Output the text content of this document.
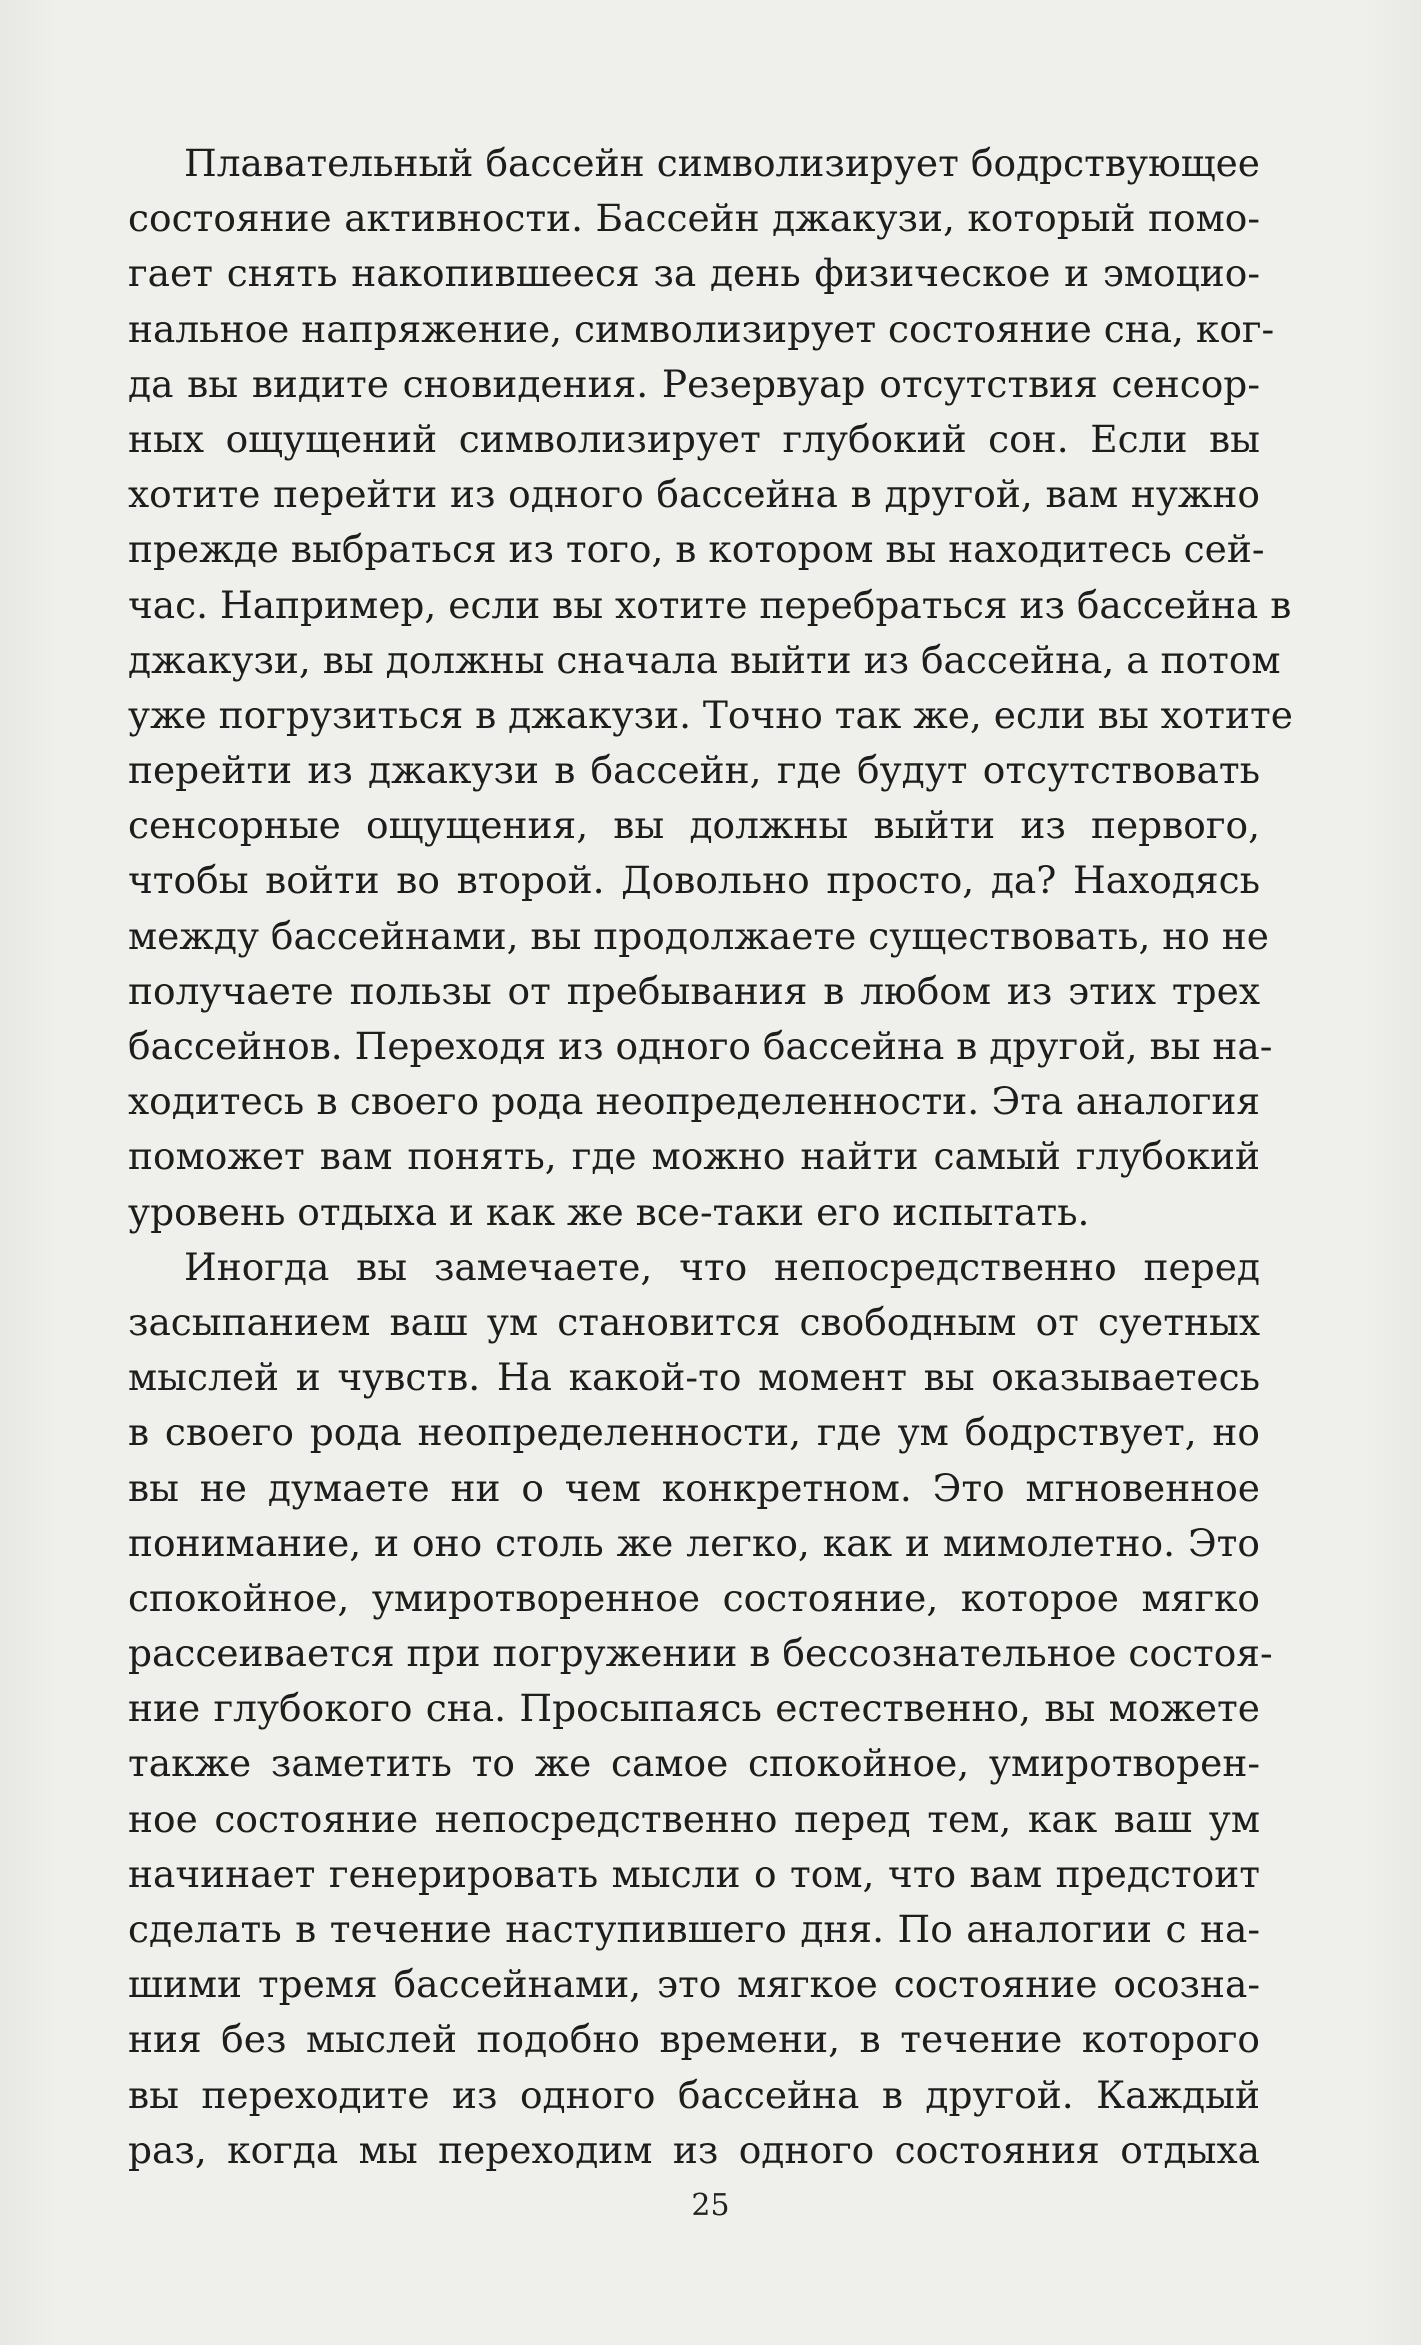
Плавательный бассейн символизирует бодрствующее
состояние активности. Бассейн джакузи, который помо-
гает снять накопившееся за день физическое и эмоцио-
нальное напряжение, символизирует состояние сна, ког-
да вы видите сновидения. Резервуар отсутствия сенсор-
ных ощущений символизирует глубокий сон. Если вы
хотите перейти из одного бассейна в другой, вам нужно
прежде выбраться из того, в котором вы находитесь сей-
час. Например, если вы хотите перебраться из бассейна в
джакузи, вы должны сначала выйти из бассейна, а потом
уже погрузиться в джакузи. Точно так же, если вы хотите
перейти из джакузи в бассейн, где будут отсутствовать
сенсорные ощущения, вы должны выйти из первого,
чтобы войти во второй. Довольно просто, да? Находясь
между бассейнами, вы продолжаете существовать, но не
получаете пользы от пребывания в любом из этих трех
бассейнов. Переходя из одного бассейна в другой, вы на-
ходитесь в своего рода неопределенности. Эта аналогия
поможет вам понять, где можно найти самый глубокий
уровень отдыха и как же все-таки его испытать.
Иногда вы замечаете, что непосредственно перед
засыпанием ваш ум становится свободным от суетных
мыслей и чувств. На какой-то момент вы оказываетесь
в своего рода неопределенности, где ум бодрствует, но
вы не думаете ни о чем конкретном. Это мгновенное
понимание, и оно столь же легко, как и мимолетно. Это
спокойное, умиротворенное состояние, которое мягко
рассеивается при погружении в бессознательное состоя-
ние глубокого сна. Просыпаясь естественно, вы можете
также заметить то же самое спокойное, умиротворен-
ное состояние непосредственно перед тем, как ваш ум
начинает генерировать мысли о том, что вам предстоит
сделать в течение наступившего дня. По аналогии с на-
шими тремя бассейнами, это мягкое состояние осозна-
ния без мыслей подобно времени, в течение которого
вы переходите из одного бассейна в другой. Каждый
раз, когда мы переходим из одного состояния отдыха
25
